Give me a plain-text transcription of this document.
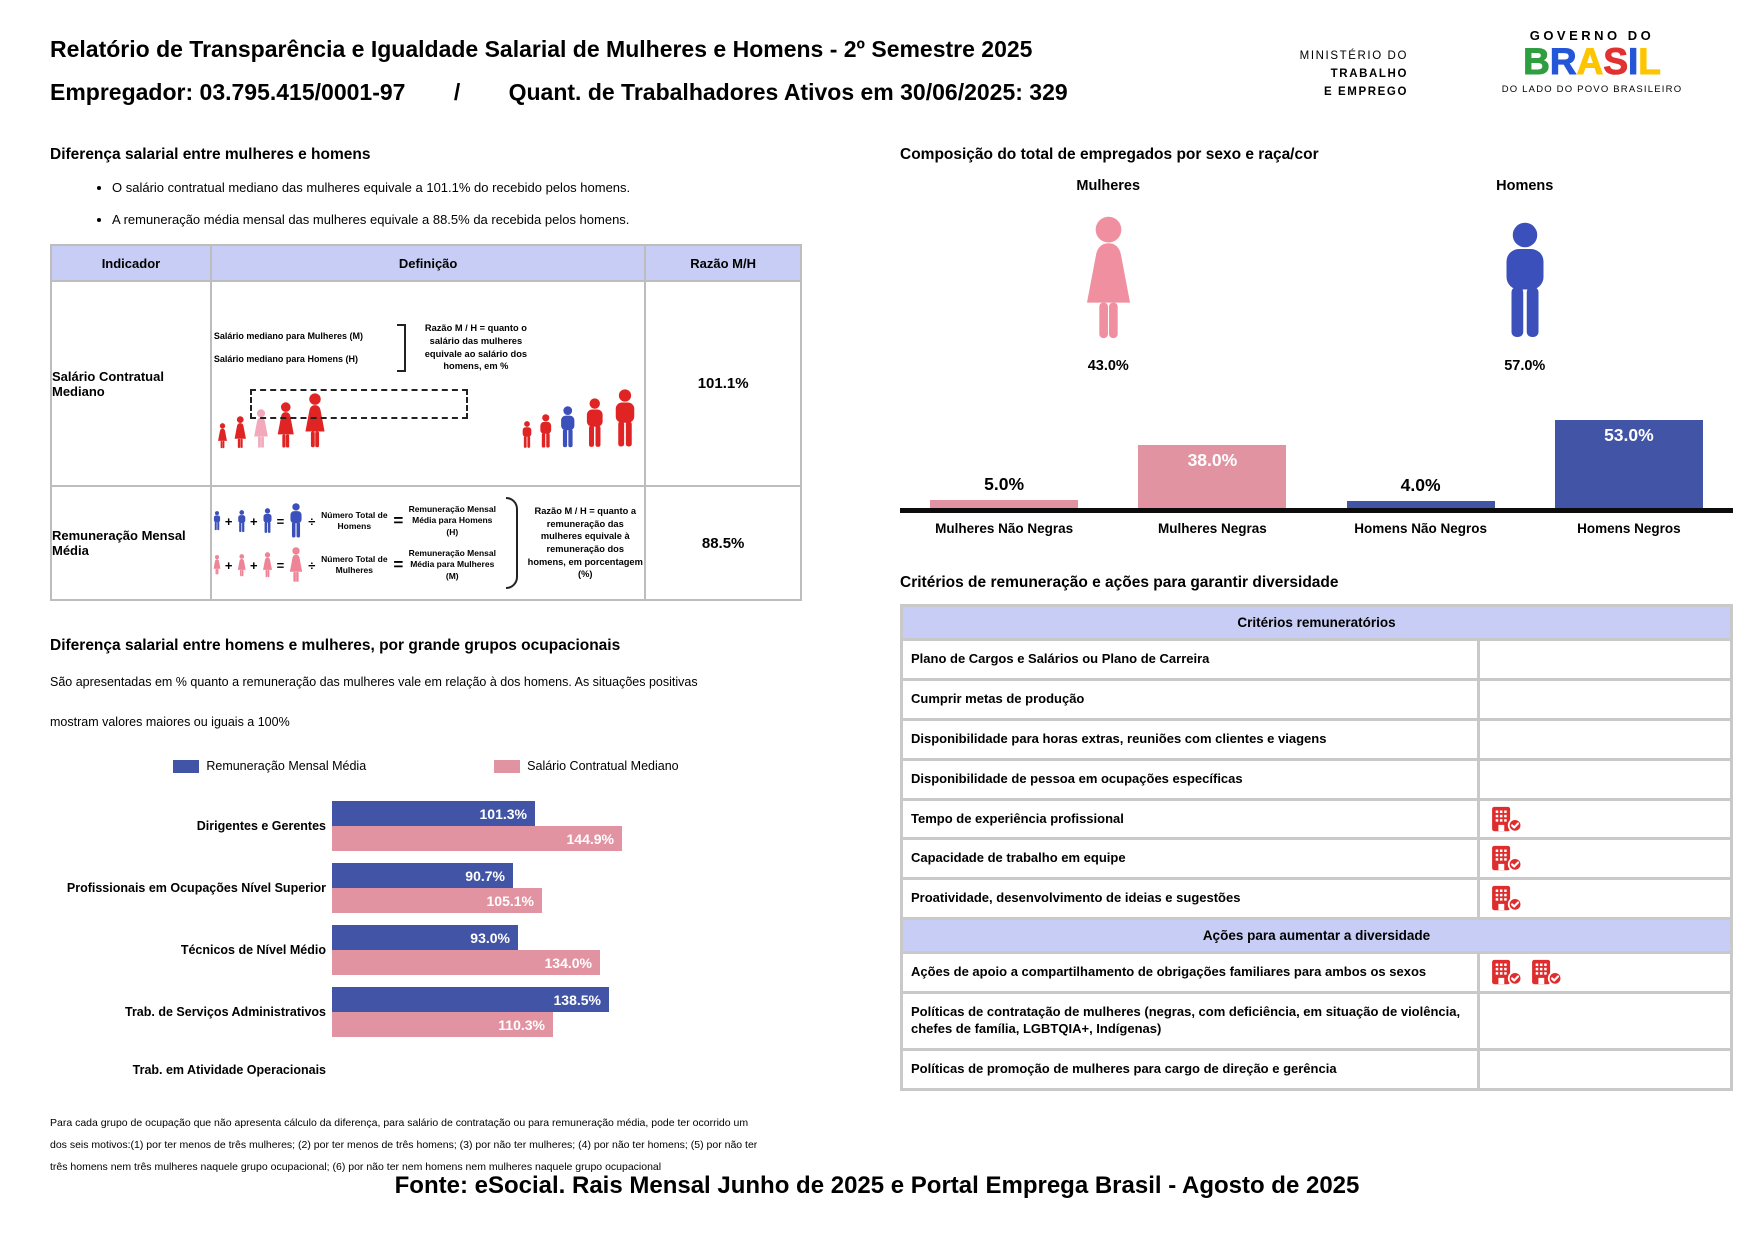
Relatório de Transparência e Igualdade Salarial de Mulheres e Homens - 2º Semestre 2025
Empregador: 03.795.415/0001-97 / Quant. de Trabalhadores Ativos em 30/06/2025: 329
MINISTÉRIO DO
TRABALHO
E EMPREGO
GOVERNO DO
BRASIL
DO LADO DO POVO BRASILEIRO
Diferença salarial entre mulheres e homens
• O salário contratual mediano das mulheres equivale a 101.1% do recebido pelos homens.
• A remuneração média mensal das mulheres equivale a 88.5% da recebida pelos homens.
Indicador	Definição	Razão M/H
Salário Contratual Mediano	Salário mediano para Mulheres (M)
Salário mediano para Homens (H)
Razão M / H = quanto o salário das mulheres equivale ao salário dos homens, em %	101.1%
Remuneração Mensal Média	
+ + = ÷ Número Total de Homens	=
Remuneração Mensal Média para Homens (H)
+ + = ÷ Número Total de Mulheres	=
Remuneração Mensal Média para Mulheres (M)
Razão M / H = quanto a remuneração das mulheres equivale à remuneração dos homens, em porcentagem (%)
	88.5%
Diferença salarial entre homens e mulheres, por grande grupos ocupacionais
São apresentadas em % quanto a remuneração das mulheres vale em relação à dos homens. As situações positivas
mostram valores maiores ou iguais a 100%
Remuneração Mensal Média	Salário Contratual Mediano
Dirigentes e Gerentes
101.3%
144.9%
Profissionais em Ocupações Nível Superior
90.7%
105.1%
Técnicos de Nível Médio
93.0%
134.0%
Trab. de Serviços Administrativos
138.5%
110.3%
Trab. em Atividade Operacionais
Para cada grupo de ocupação que não apresenta cálculo da diferença, para salário de contratação ou para remuneração média, pode ter ocorrido um dos seis motivos:(1) por ter menos de três mulheres; (2) por ter menos de três homens; (3) por não ter mulheres; (4) por não ter homens; (5) por não ter três homens nem três mulheres naquele grupo ocupacional; (6) por não ter nem homens nem mulheres naquele grupo ocupacional
Composição do total de empregados por sexo e raça/cor
Mulheres
43.0%
Homens
57.0%
5.0%
38.0%
4.0%
53.0%
Mulheres Não Negras	Mulheres Negras	Homens Não Negros	Homens Negros
Critérios de remuneração e ações para garantir diversidade
Critérios remuneratórios	
Plano de Cargos e Salários ou Plano de Carreira	

Cumprir metas de produção	

Disponibilidade para horas extras, reuniões com clientes e viagens	

Disponibilidade de pessoa em ocupações específicas	

Tempo de experiência profissional	

Capacidade de trabalho em equipe	

Proatividade, desenvolvimento de ideias e sugestões	

Ações para aumentar a diversidade	
Ações de apoio a compartilhamento de obrigações familiares para ambos os sexos	

Políticas de contratação de mulheres (negras, com deficiência, em situação de violência, chefes de família, LGBTQIA+, Indígenas)	

Políticas de promoção de mulheres para cargo de direção e gerência	
Fonte: eSocial. Rais Mensal Junho de 2025 e Portal Emprega Brasil - Agosto de 2025
